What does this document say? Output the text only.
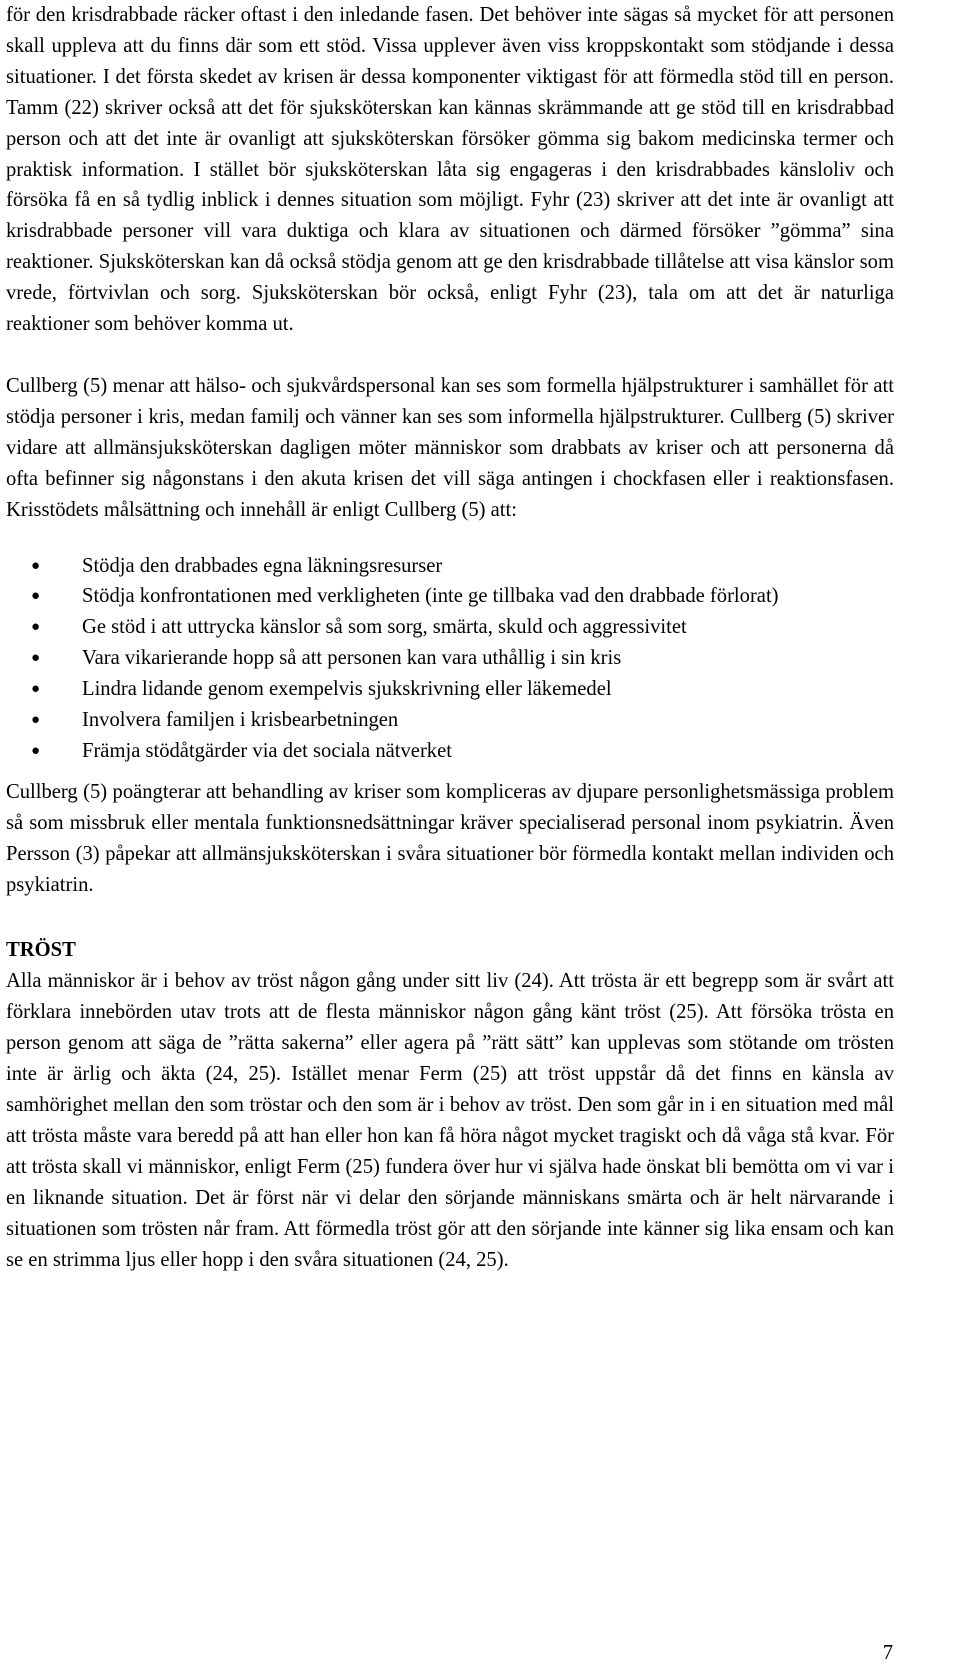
för den krisdrabbade räcker oftast i den inledande fasen. Det behöver inte sägas så mycket för att personen skall uppleva att du finns där som ett stöd. Vissa upplever även viss kroppskontakt som stödjande i dessa situationer. I det första skedet av krisen är dessa komponenter viktigast för att förmedla stöd till en person. Tamm (22) skriver också att det för sjuksköterskan kan kännas skrämmande att ge stöd till en krisdrabbad person och att det inte är ovanligt att sjuksköterskan försöker gömma sig bakom medicinska termer och praktisk information. I stället bör sjuksköterskan låta sig engageras i den krisdrabbades känsloliv och försöka få en så tydlig inblick i dennes situation som möjligt. Fyhr (23) skriver att det inte är ovanligt att krisdrabbade personer vill vara duktiga och klara av situationen och därmed försöker ”gömma” sina reaktioner. Sjuksköterskan kan då också stödja genom att ge den krisdrabbade tillåtelse att visa känslor som vrede, förtvivlan och sorg. Sjuksköterskan bör också, enligt Fyhr (23), tala om att det är naturliga reaktioner som behöver komma ut.

Cullberg (5) menar att hälso- och sjukvårdspersonal kan ses som formella hjälpstrukturer i samhället för att stödja personer i kris, medan familj och vänner kan ses som informella hjälpstrukturer. Cullberg (5) skriver vidare att allmänsjuksköterskan dagligen möter människor som drabbats av kriser och att personerna då ofta befinner sig någonstans i den akuta krisen det vill säga antingen i chockfasen eller i reaktionsfasen. Krisstödets målsättning och innehåll är enligt Cullberg (5) att:

● Stödja den drabbades egna läkningsresurser
● Stödja konfrontationen med verkligheten (inte ge tillbaka vad den drabbade förlorat)
● Ge stöd i att uttrycka känslor så som sorg, smärta, skuld och aggressivitet
● Vara vikarierande hopp så att personen kan vara uthållig i sin kris
● Lindra lidande genom exempelvis sjukskrivning eller läkemedel
● Involvera familjen i krisbearbetningen
● Främja stödåtgärder via det sociala nätverket

Cullberg (5) poängterar att behandling av kriser som kompliceras av djupare personlighetsmässiga problem så som missbruk eller mentala funktionsnedsättningar kräver specialiserad personal inom psykiatrin. Även Persson (3) påpekar att allmänsjuksköterskan i svåra situationer bör förmedla kontakt mellan individen och psykiatrin.

TRÖST

Alla människor är i behov av tröst någon gång under sitt liv (24). Att trösta är ett begrepp som är svårt att förklara innebörden utav trots att de flesta människor någon gång känt tröst (25). Att försöka trösta en person genom att säga de ”rätta sakerna” eller agera på ”rätt sätt” kan upplevas som stötande om trösten inte är ärlig och äkta (24, 25). Istället menar Ferm (25) att tröst uppstår då det finns en känsla av samhörighet mellan den som tröstar och den som är i behov av tröst. Den som går in i en situation med mål att trösta måste vara beredd på att han eller hon kan få höra något mycket tragiskt och då våga stå kvar. För att trösta skall vi människor, enligt Ferm (25) fundera över hur vi själva hade önskat bli bemötta om vi var i en liknande situation. Det är först när vi delar den sörjande människans smärta och är helt närvarande i situationen som trösten når fram. Att förmedla tröst gör att den sörjande inte känner sig lika ensam och kan se en strimma ljus eller hopp i den svåra situationen (24, 25).

7
